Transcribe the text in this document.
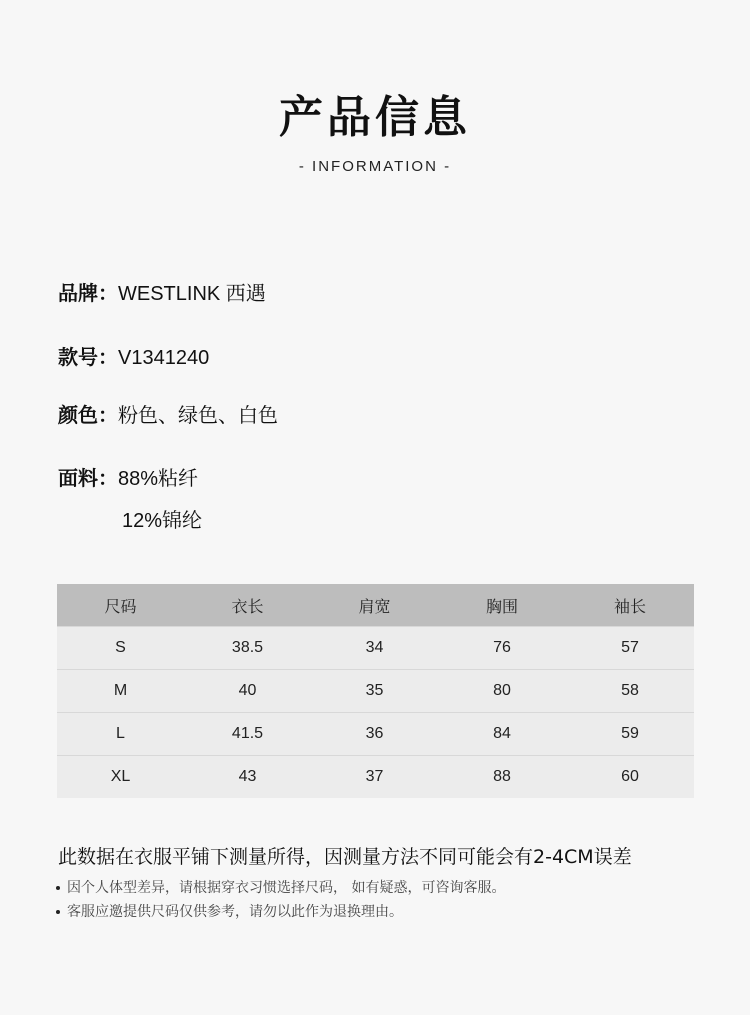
产品信息
- INFORMATION -
品牌：WESTLINK 西遇
款号：V1341240
颜色：粉色、绿色、白色
面料：88%粘纤
12%锦纶
尺码	衣长	肩宽	胸围	袖长
S	38.5	34	76	57
M	40	35	80	58
L	41.5	36	84	59
XL	43	37	88	60
此数据在衣服平铺下测量所得，因测量方法不同可能会有2-4CM误差
因个人体型差异，请根据穿衣习惯选择尺码， 如有疑惑，可咨询客服。
客服应邀提供尺码仅供参考，请勿以此作为退换理由。
